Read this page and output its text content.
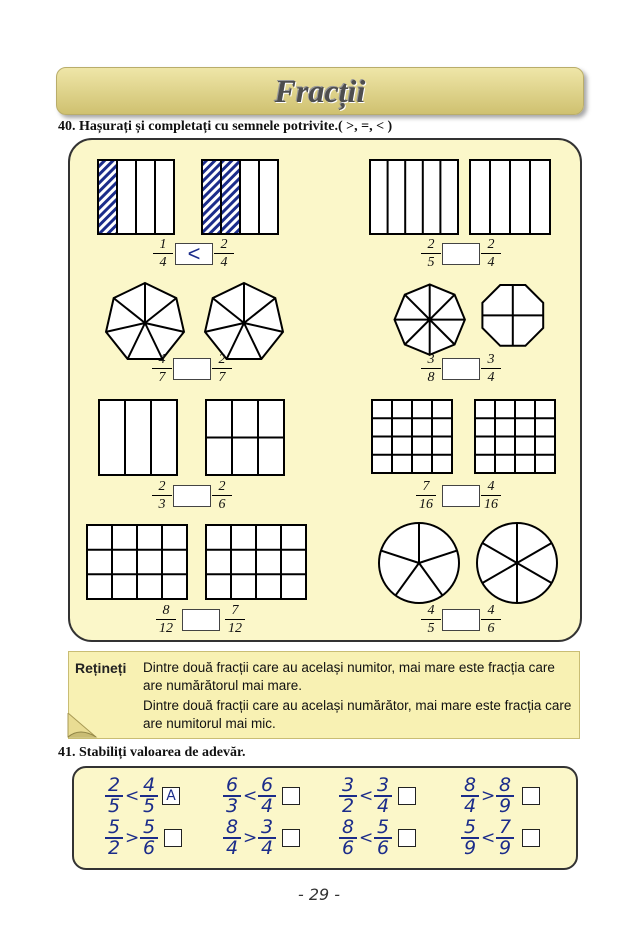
Fracții
40. Hașurați și completați cu semnele potrivite.( >, =, < )
1
4 <	2
4
2
5
2
4
4
7
2
7
3
8
3
4
2
3
2
6
7
16
4
16
8
12
7
12
4
5
4
6
Rețineți Dintre două fracții care au același numitor, mai mare este fracția care are numărătorul mai mare.
Dintre două fracții care au același numărător, mai mare este fracția care are numitorul mai mic.
41. Stabiliți valoarea de adevăr.
2
5 < 4
5 A	6
3 < 6
4
3
2 < 3
4
8
4 > 8
9
5
2 > 5
6
8
4 > 3
4
8
6 < 5
6
5
9 < 7
9
- 29 -
